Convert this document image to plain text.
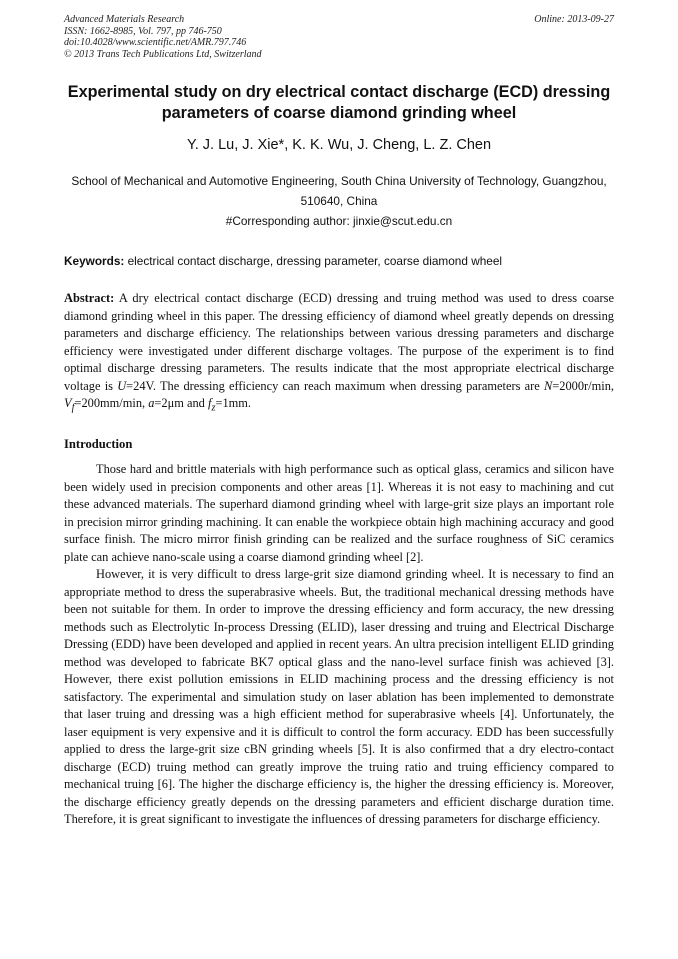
Advanced Materials Research
ISSN: 1662-8985, Vol. 797, pp 746-750
doi:10.4028/www.scientific.net/AMR.797.746
© 2013 Trans Tech Publications Ltd, Switzerland
Online: 2013-09-27
Experimental study on dry electrical contact discharge (ECD) dressing parameters of coarse diamond grinding wheel
Y. J. Lu, J. Xie*, K. K. Wu, J. Cheng, L. Z. Chen
School of Mechanical and Automotive Engineering, South China University of Technology, Guangzhou, 510640, China
#Corresponding author: jinxie@scut.edu.cn
Keywords: electrical contact discharge, dressing parameter, coarse diamond wheel
Abstract: A dry electrical contact discharge (ECD) dressing and truing method was used to dress coarse diamond grinding wheel in this paper. The dressing efficiency of diamond wheel greatly depends on dressing parameters and discharge efficiency. The relationships between various dressing parameters and discharge efficiency were investigated under different discharge voltages. The purpose of the experiment is to find optimal discharge dressing parameters. The results indicate that the most appropriate electrical discharge voltage is U=24V. The dressing efficiency can reach maximum when dressing parameters are N=2000r/min, $V_f=200mm/\min$, a=2μm and $f_z=1mm$.
Introduction

Those hard and brittle materials with high performance such as optical glass, ceramics and silicon have been widely used in precision components and other areas [1]. Whereas it is not easy to machining and cut these advanced materials. The superhard diamond grinding wheel with large-grit size plays an important role in precision mirror grinding machining. It can enable the workpiece obtain high machining accuracy and good surface finish. The micro mirror finish grinding can be realized and the surface roughness of SiC ceramics plate can achieve nano-scale using a coarse diamond grinding wheel [2].

However, it is very difficult to dress large-grit size diamond grinding wheel. It is necessary to find an appropriate method to dress the superabrasive wheels. But, the traditional mechanical dressing methods have been not suitable for them. In order to improve the dressing efficiency and form accuracy, the new dressing methods such as Electrolytic In-process Dressing (ELID), laser dressing and truing and Electrical Discharge Dressing (EDD) have been developed and applied in recent years. An ultra precision intelligent ELID grinding method was developed to fabricate BK7 optical glass and the nano-level surface finish was achieved [3]. However, there exist pollution emissions in ELID machining process and the dressing efficiency is not satisfactory. The experimental and simulation study on laser ablation has been implemented to demonstrate that laser truing and dressing was a high efficient method for superabrasive wheels [4]. Unfortunately, the laser equipment is very expensive and it is difficult to control the form accuracy. EDD has been successfully applied to dress the large-grit size cBN grinding wheels [5]. It is also confirmed that a dry electro-contact discharge (ECD) truing method can greatly improve the truing ratio and truing efficiency compared to mechanical truing [6]. The higher the discharge efficiency is, the higher the dressing efficiency is. Moreover, the discharge efficiency greatly depends on the dressing parameters and efficient discharge duration time. Therefore, it is great significant to investigate the influences of dressing parameters for discharge efficiency.
